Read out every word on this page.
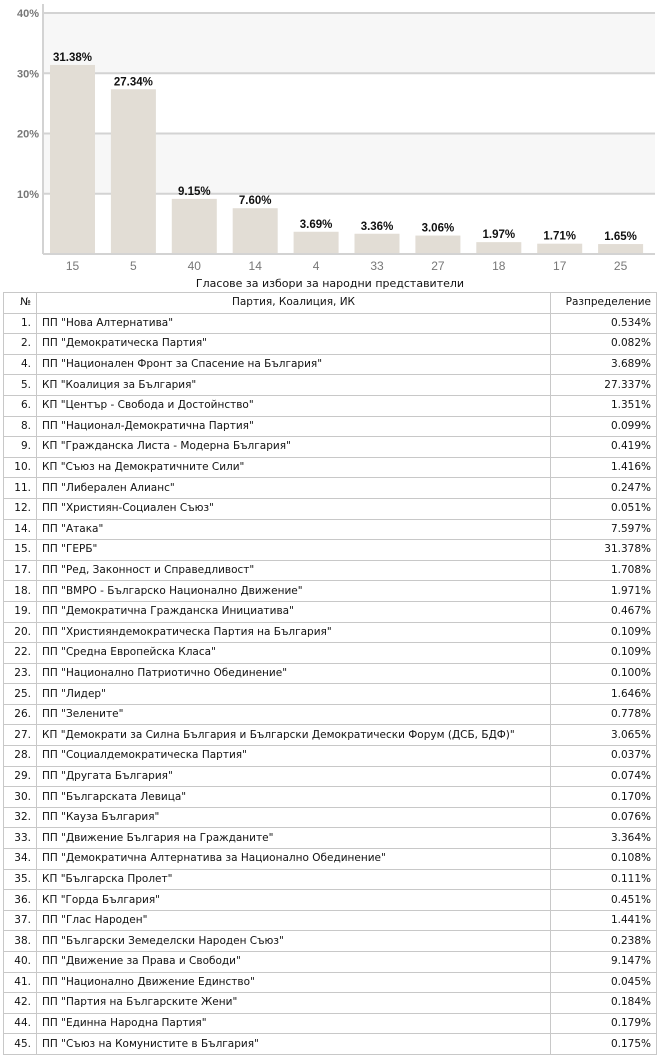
10%
20%
30%
40%
31.38%
27.34%
9.15%
7.60%
3.69% 3.36% 3.06%
1.97% 1.71% 1.65%
15	5	40	14	4	33	27	18	17	25
Гласове за избори за народни представители
№	Партия, Коалиция, ИК	Разпределение
1.	ПП "Нова Алтернатива"	0.534%
2.	ПП "Демократическа Партия"	0.082%
4.	ПП "Национален Фронт за Спасение на България"	3.689%
5.	КП "Коалиция за България"	27.337%
6.	КП "Център - Свобода и Достойнство"	1.351%
8.	ПП "Национал-Демократична Партия"	0.099%
9.	КП "Гражданска Листа - Модерна България"	0.419%
10.	КП "Съюз на Демократичните Сили"	1.416%
11.	ПП "Либерален Алианс"	0.247%
12.	ПП "Християн-Социален Съюз"	0.051%
14.	ПП "Атака"	7.597%
15.	ПП "ГЕРБ"	31.378%
17.	ПП "Ред, Законност и Справедливост"	1.708%
18.	ПП "ВМРО - Българско Национално Движение"	1.971%
19.	ПП "Демократична Гражданска Инициатива"	0.467%
20.	ПП "Християндемократическа Партия на България"	0.109%
22.	ПП "Средна Европейска Класа"	0.109%
23.	ПП "Национално Патриотично Обединение"	0.100%
25.	ПП "Лидер"	1.646%
26.	ПП "Зелените"	0.778%
27.	КП "Демократи за Силна България и Български Демократически Форум (ДСБ, БДФ)"	3.065%
28.	ПП "Социалдемократическа Партия"	0.037%
29.	ПП "Другата България"	0.074%
30.	ПП "Българската Левица"	0.170%
32.	ПП "Кауза България"	0.076%
33.	ПП "Движение България на Гражданите"	3.364%
34.	ПП "Демократична Алтернатива за Национално Обединение"	0.108%
35.	КП "Българска Пролет"	0.111%
36.	КП "Горда България"	0.451%
37.	ПП "Глас Народен"	1.441%
38.	ПП "Български Земеделски Народен Съюз"	0.238%
40.	ПП "Движение за Права и Свободи"	9.147%
41.	ПП "Национално Движение Единство"	0.045%
42.	ПП "Партия на Българските Жени"	0.184%
44.	ПП "Единна Народна Партия"	0.179%
45.	ПП "Съюз на Комунистите в България"	0.175%
